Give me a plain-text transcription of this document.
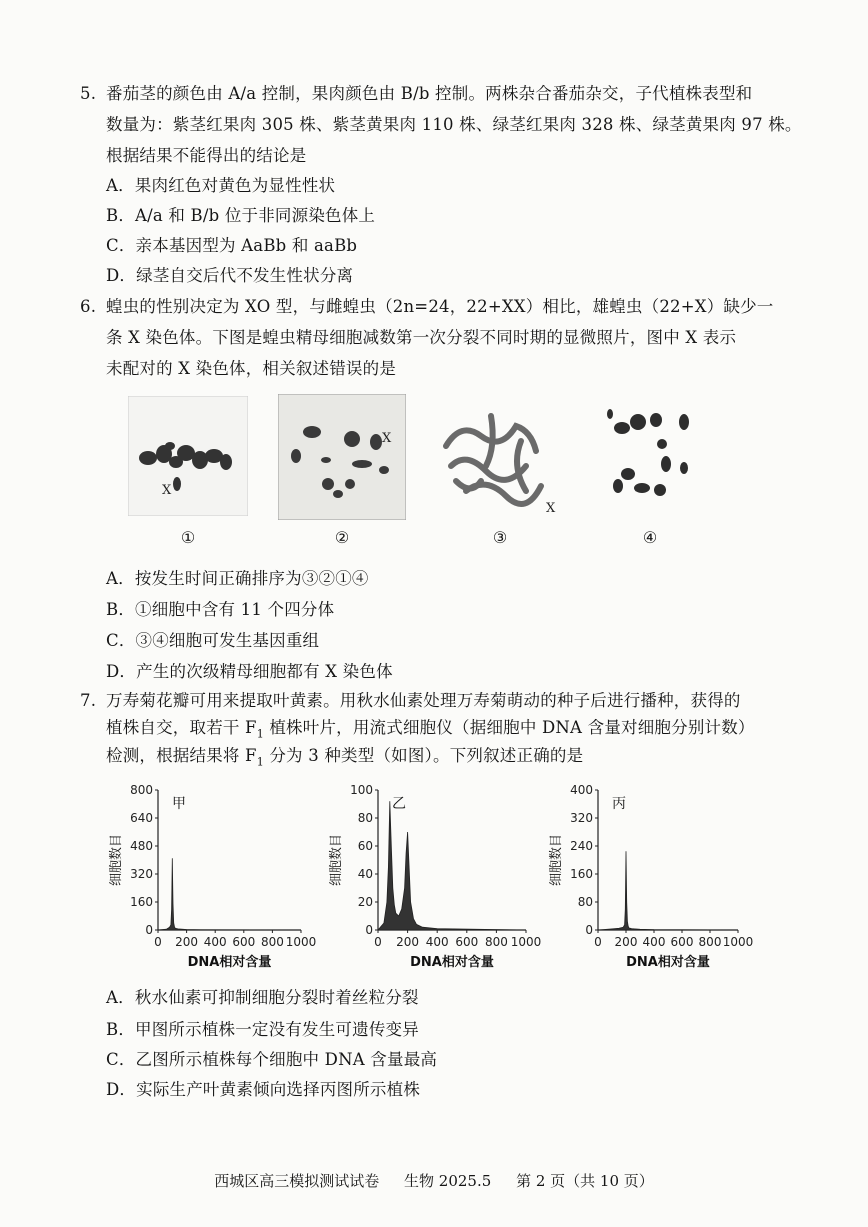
5. 番茄茎的颜色由 A/a 控制，果肉颜色由 B/b 控制。两株杂合番茄杂交，子代植株表型和
数量为：紫茎红果肉 305 株、紫茎黄果肉 110 株、绿茎红果肉 328 株、绿茎黄果肉 97 株。
根据结果不能得出的结论是
A．果肉红色对黄色为显性性状
B．A/a 和 B/b 位于非同源染色体上
C．亲本基因型为 AaBb 和 aaBb
D．绿茎自交后代不发生性状分离
6. 蝗虫的性别决定为 XO 型，与雌蝗虫（2n=24，22+XX）相比，雄蝗虫（22+X）缺少一
条 X 染色体。下图是蝗虫精母细胞减数第一次分裂不同时期的显微照片，图中 X 表示
未配对的 X 染色体，相关叙述错误的是
X
X
X
①	②	③	④
A．按发生时间正确排序为③②①④
B．①细胞中含有 11 个四分体
C．③④细胞可发生基因重组
D．产生的次级精母细胞都有 X 染色体
7. 万寿菊花瓣可用来提取叶黄素。用秋水仙素处理万寿菊萌动的种子后进行播种，获得的
植株自交，取若干 $F_1$ 植株叶片，用流式细胞仪（据细胞中 DNA 含量对细胞分别计数）
检测，根据结果将 $F_1$ 分为 3 种类型（如图）。下列叙述正确的是
0
160
320
480
640
800
0 200 400 600 800 1000
甲
细胞数目
DNA相对含量
0
20
40
60
80
100
0 200 400 600 800 1000
乙
细胞数目
DNA相对含量
0
80
160
240
320
400
0 200 400 600 800 1000
丙
细胞数目
DNA相对含量
A．秋水仙素可抑制细胞分裂时着丝粒分裂
B．甲图所示植株一定没有发生可遗传变异
C．乙图所示植株每个细胞中 DNA 含量最高
D．实际生产叶黄素倾向选择丙图所示植株
西城区高三模拟测试试卷 生物 2025.5 第 2 页（共 10 页）
